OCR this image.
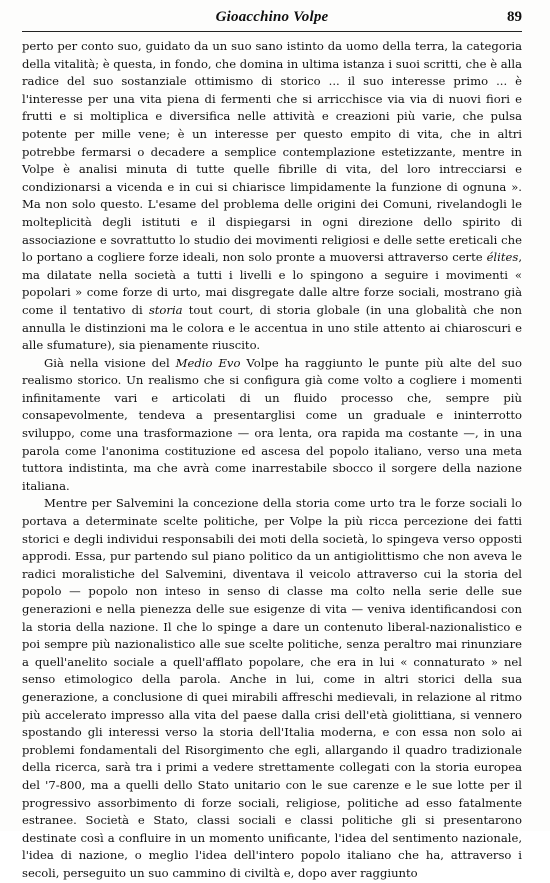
Gioacchino Volpe	89

perto per conto suo, guidato da un suo sano istinto da uomo della terra, la categoria della vitalità; è questa, in fondo, che domina in ultima istanza i suoi scritti, che è alla radice del suo sostanziale ottimismo di storico ... il suo interesse primo ... è l'interesse per una vita piena di fermenti che si arricchisce via via di nuovi fiori e frutti e si moltiplica e diversifica nelle attività e creazioni più varie, che pulsa potente per mille vene; è un interesse per questo empito di vita, che in altri potrebbe fermarsi o decadere a semplice contemplazione estetizzante, mentre in Volpe è analisi minuta di tutte quelle fibrille di vita, del loro intrecciarsi e condizionarsi a vicenda e in cui si chiarisce limpidamente la funzione di ognuna ». Ma non solo questo. L'esame del problema delle origini dei Comuni, rivelandogli le molteplicità degli istituti e il dispiegarsi in ogni direzione dello spirito di associazione e sovrattutto lo studio dei movimenti religiosi e delle sette ereticali che lo portano a cogliere forze ideali, non solo pronte a muoversi attraverso certe élites, ma dilatate nella società a tutti i livelli e lo spingono a seguire i movimenti « popolari » come forze di urto, mai disgregate dalle altre forze sociali, mostrano già come il tentativo di storia tout court, di storia globale (in una globalità che non annulla le distinzioni ma le colora e le accentua in uno stile attento ai chiaroscuri e alle sfumature), sia pienamente riuscito.

Già nella visione del Medio Evo Volpe ha raggiunto le punte più alte del suo realismo storico. Un realismo che si configura già come volto a cogliere i momenti infinitamente vari e articolati di un fluido processo che, sempre più consapevolmente, tendeva a presentarglisi come un graduale e ininterrotto sviluppo, come una trasformazione — ora lenta, ora rapida ma costante —, in una parola come l'anonima costituzione ed ascesa del popolo italiano, verso una meta tuttora indistinta, ma che avrà come inarrestabile sbocco il sorgere della nazione italiana.

Mentre per Salvemini la concezione della storia come urto tra le forze sociali lo portava a determinate scelte politiche, per Volpe la più ricca percezione dei fatti storici e degli individui responsabili dei moti della società, lo spingeva verso opposti approdi. Essa, pur partendo sul piano politico da un antigiolittismo che non aveva le radici moralistiche del Salvemini, diventava il veicolo attraverso cui la storia del popolo — popolo non inteso in senso di classe ma colto nella serie delle sue generazioni e nella pienezza delle sue esigenze di vita — veniva identificandosi con la storia della nazione. Il che lo spinge a dare un contenuto liberal-nazionalistico e poi sempre più nazionalistico alle sue scelte politiche, senza peraltro mai rinunziare a quell'anelito sociale a quell'afflato popolare, che era in lui « connaturato » nel senso etimologico della parola. Anche in lui, come in altri storici della sua generazione, a conclusione di quei mirabili affreschi medievali, in relazione al ritmo più accelerato impresso alla vita del paese dalla crisi dell'età giolittiana, si vennero spostando gli interessi verso la storia dell'Italia moderna, e con essa non solo ai problemi fondamentali del Risorgimento che egli, allargando il quadro tradizionale della ricerca, sarà tra i primi a vedere strettamente collegati con la storia europea del '7-800, ma a quelli dello Stato unitario con le sue carenze e le sue lotte per il progressivo assorbimento di forze sociali, religiose, politiche ad esso fatalmente estranee. Società e Stato, classi sociali e classi politiche gli si presentarono destinate così a confluire in un momento unificante, l'idea del sentimento nazionale, l'idea di nazione, o meglio l'idea dell'intero popolo italiano che ha, attraverso i secoli, perseguito un suo cammino di civiltà e, dopo aver raggiunto
